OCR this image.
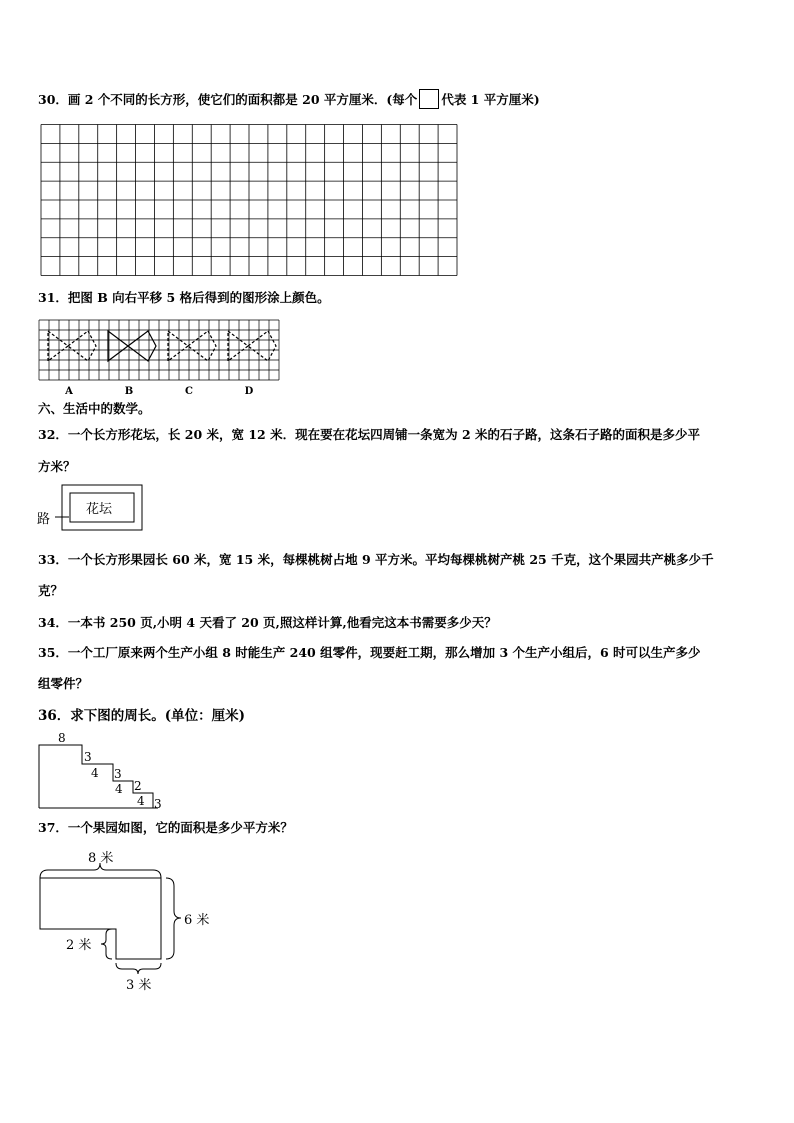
30．画 2 个不同的长方形，使它们的面积都是 20 平方厘米．(每个 代表 1 平方厘米)
31．把图 B 向右平移 5 格后得到的图形涂上颜色。
A	B	C	D
六、生活中的数学。
32．一个长方形花坛，长 20 米，宽 12 米．现在要在花坛四周铺一条宽为 2 米的石子路，这条石子路的面积是多少平
方米？
路
花坛
33．一个长方形果园长 60 米，宽 15 米，每棵桃树占地 9 平方米。平均每棵桃树产桃 25 千克，这个果园共产桃多少千
克？
34．一本书 250 页,小明 4 天看了 20 页,照这样计算,他看完这本书需要多少天？
35．一个工厂原来两个生产小组 8 时能生产 240 组零件，现要赶工期，那么增加 3 个生产小组后，6 时可以生产多少
组零件？
36．求下图的周长。(单位：厘米)
8
3
4 3
4 2
4 3
37．一个果园如图，它的面积是多少平方米？
8 米
6 米
2 米
3 米
